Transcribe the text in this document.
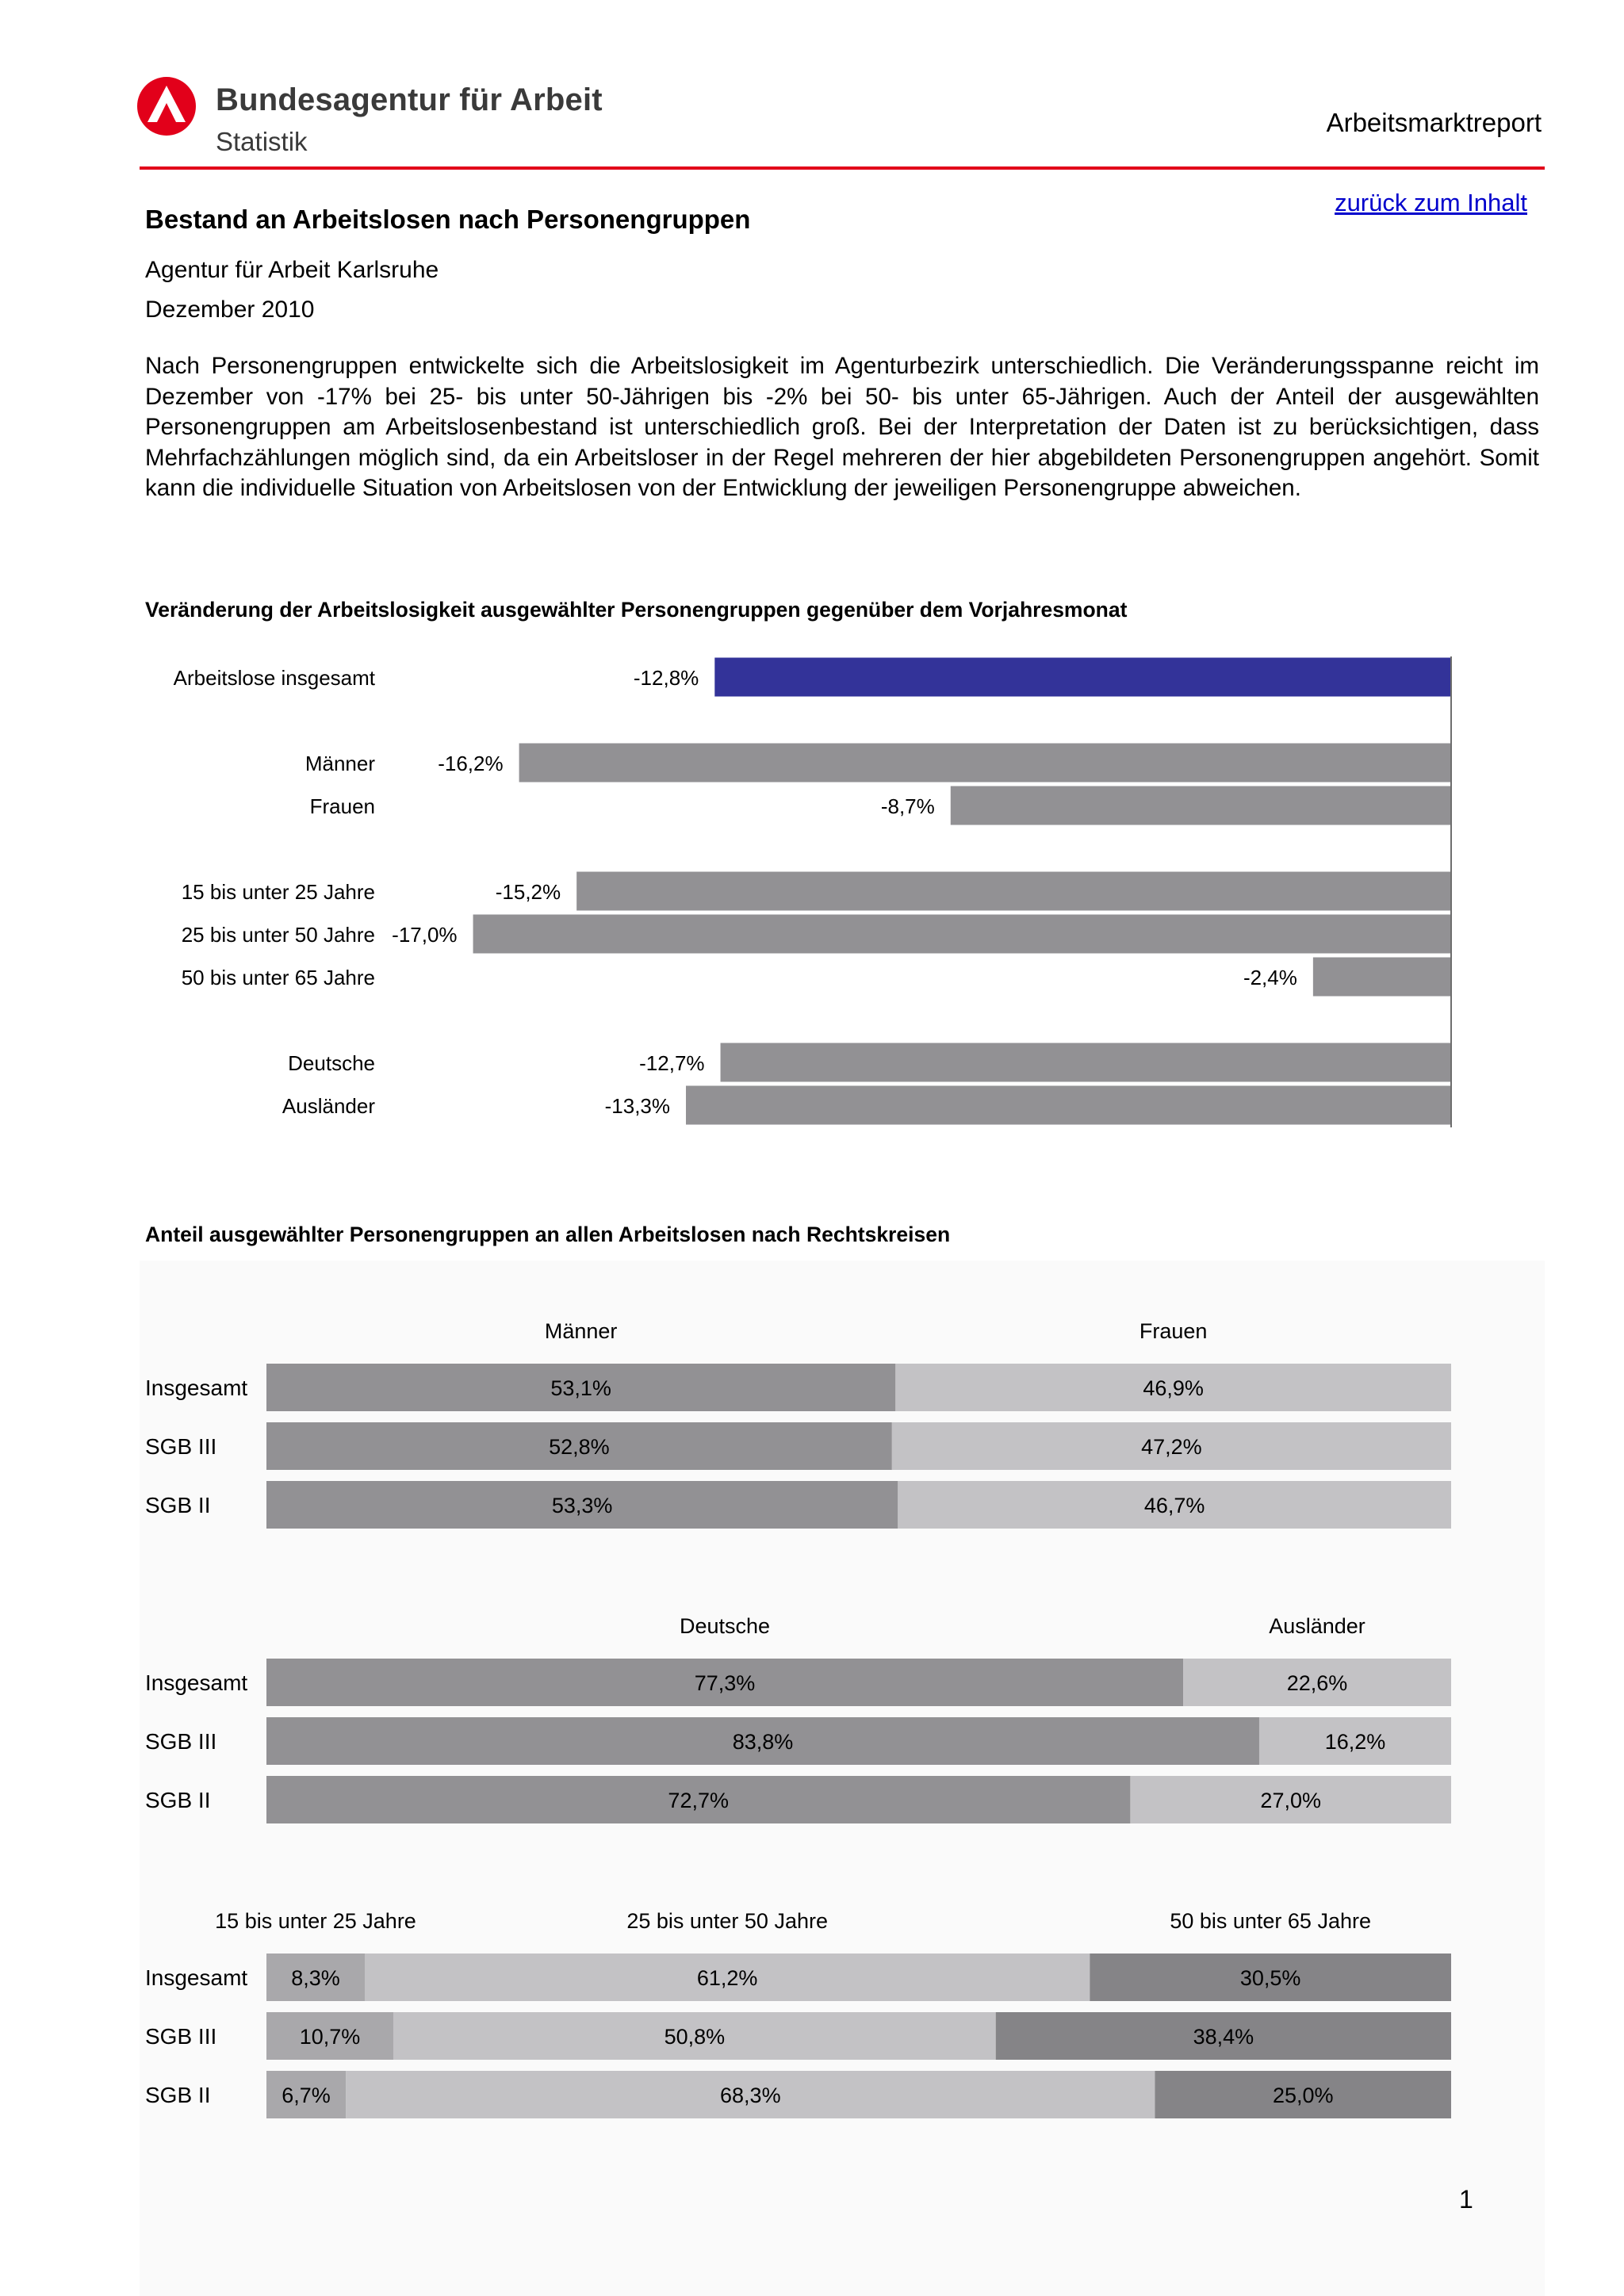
Bundesagentur für Arbeit
Statistik
Arbeitsmarktreport
zurück zum Inhalt
Bestand an Arbeitslosen nach Personengruppen
Agentur für Arbeit Karlsruhe
Dezember 2010
Nach Personengruppen entwickelte sich die Arbeitslosigkeit im Agenturbezirk unterschiedlich. Die Veränderungsspanne reicht im Dezember von -17% bei 25- bis unter 50-Jährigen bis -2% bei 50- bis unter 65-Jährigen. Auch der Anteil der ausgewählten Personengruppen am Arbeitslosenbestand ist unterschiedlich groß. Bei der Interpretation der Daten ist zu berücksichtigen, dass Mehrfachzählungen möglich sind, da ein Arbeitsloser in der Regel mehreren der hier abgebildeten Personengruppen angehört. Somit kann die individuelle Situation von Arbeitslosen von der Entwicklung der jeweiligen Personengruppe abweichen.
Veränderung der Arbeitslosigkeit ausgewählter Personengruppen gegenüber dem Vorjahresmonat
Arbeitslose insgesamt	-12,8%
Männer	-16,2%
Frauen	-8,7%
15 bis unter 25 Jahre	-15,2%
25 bis unter 50 Jahre -17,0%
50 bis unter 65 Jahre	-2,4%
Deutsche	-12,7%
Ausländer	-13,3%
Anteil ausgewählter Personengruppen an allen Arbeitslosen nach Rechtskreisen
Männer	Frauen
Insgesamt	53,1%	46,9%
SGB III	52,8%	47,2%
SGB II	53,3%	46,7%
Deutsche	Ausländer
Insgesamt	77,3%	22,6%
SGB III	83,8%	16,2%
SGB II	72,7%	27,0%
15 bis unter 25 Jahre	25 bis unter 50 Jahre	50 bis unter 65 Jahre
Insgesamt 8,3%	61,2%	30,5%
SGB III	10,7%	50,8%	38,4%
SGB II	6,7%	68,3%	25,0%
1
